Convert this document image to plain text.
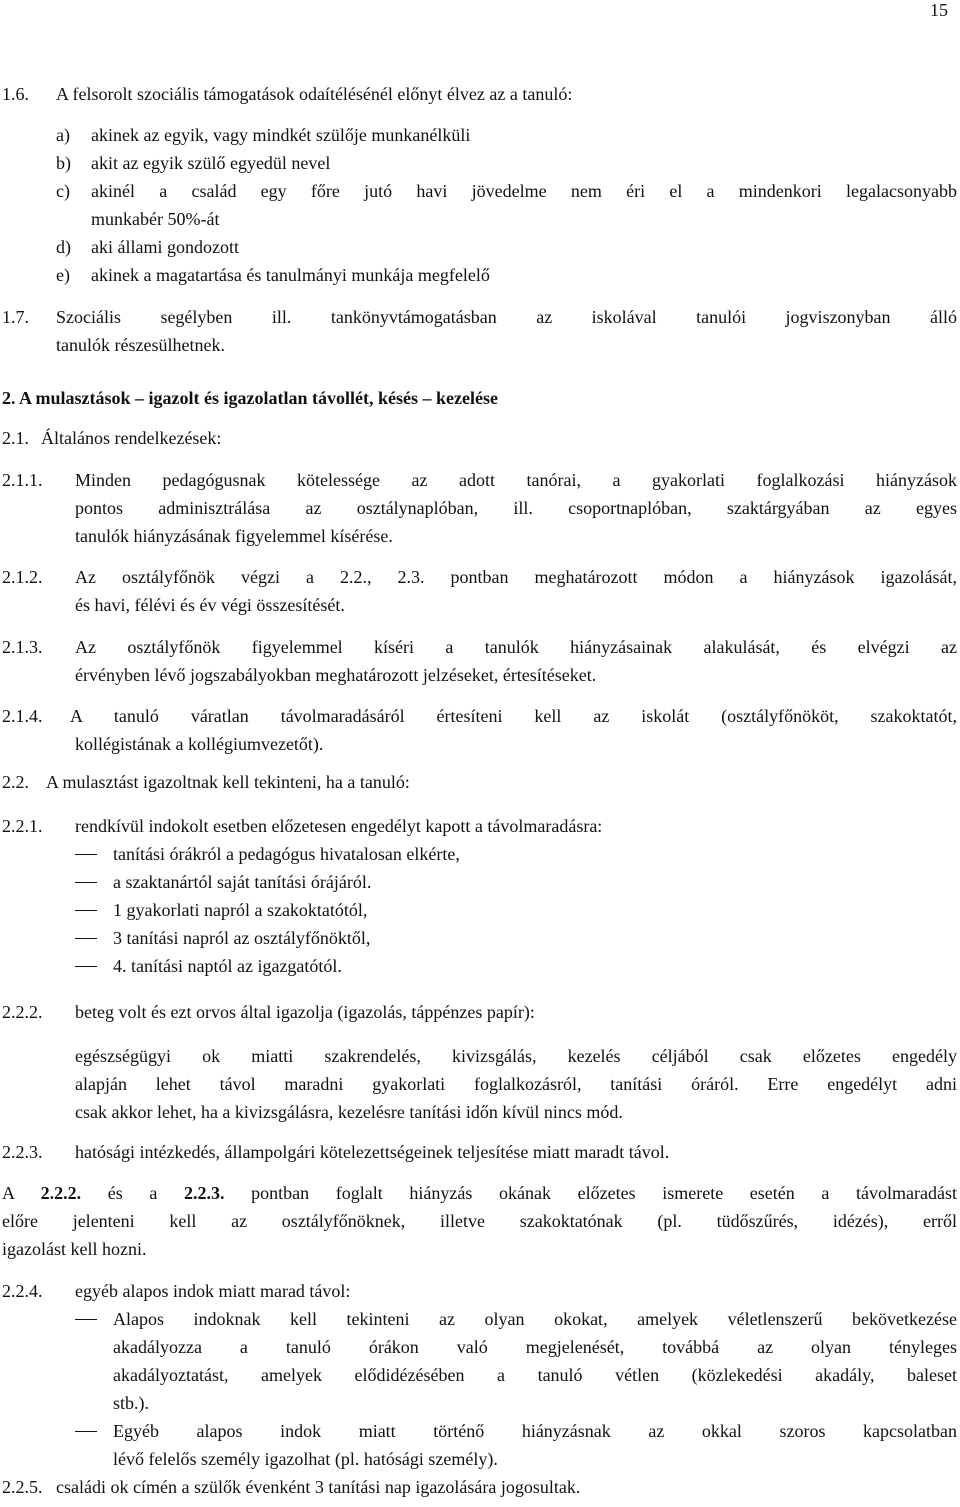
15
1.6. A felsorolt szociális támogatások odaítélésénél előnyt élvez az a tanuló:
a) akinek az egyik, vagy mindkét szülője munkanélküli
b) akit az egyik szülő egyedül nevel
c) akinél a család egy főre jutó havi jövedelme nem éri el a mindenkori legalacsonyabb
munkabér 50%-át
d) aki állami gondozott
e) akinek a magatartása és tanulmányi munkája megfelelő
1.7. Szociális segélyben ill. tankönyvtámogatásban az iskolával tanulói jogviszonyban álló
tanulók részesülhetnek.
2. A mulasztások – igazolt és igazolatlan távollét, késés – kezelése
2.1. Általános rendelkezések:
2.1.1. Minden pedagógusnak kötelessége az adott tanórai, a gyakorlati foglalkozási hiányzások
pontos adminisztrálása az osztálynaplóban, ill. csoportnaplóban, szaktárgyában az egyes
tanulók hiányzásának figyelemmel kísérése.
2.1.2. Az osztályfőnök végzi a 2.2., 2.3. pontban meghatározott módon a hiányzások igazolását,
és havi, félévi és év végi összesítését.
2.1.3. Az osztályfőnök figyelemmel kíséri a tanulók hiányzásainak alakulását, és elvégzi az
érvényben lévő jogszabályokban meghatározott jelzéseket, értesítéseket.
2.1.4. A tanuló váratlan távolmaradásáról értesíteni kell az iskolát (osztályfőnököt, szakoktatót,
kollégistának a kollégiumvezetőt).
2.2. A mulasztást igazoltnak kell tekinteni, ha a tanuló:
2.2.1. rendkívül indokolt esetben előzetesen engedélyt kapott a távolmaradásra:
tanítási órákról a pedagógus hivatalosan elkérte,
a szaktanártól saját tanítási órájáról.
1 gyakorlati napról a szakoktatótól,
3 tanítási napról az osztályfőnöktől,
4. tanítási naptól az igazgatótól.
2.2.2. beteg volt és ezt orvos által igazolja (igazolás, táppénzes papír):
egészségügyi ok miatti szakrendelés, kivizsgálás, kezelés céljából csak előzetes engedély
alapján lehet távol maradni gyakorlati foglalkozásról, tanítási óráról. Erre engedélyt adni
csak akkor lehet, ha a kivizsgálásra, kezelésre tanítási időn kívül nincs mód.
2.2.3. hatósági intézkedés, állampolgári kötelezettségeinek teljesítése miatt maradt távol.
A 2.2.2. és a 2.2.3. pontban foglalt hiányzás okának előzetes ismerete esetén a távolmaradást
előre jelenteni kell az osztályfőnöknek, illetve szakoktatónak (pl. tüdőszűrés, idézés), erről
igazolást kell hozni.
2.2.4. egyéb alapos indok miatt marad távol:
Alapos indoknak kell tekinteni az olyan okokat, amelyek véletlenszerű bekövetkezése
akadályozza a tanuló órákon való megjelenését, továbbá az olyan tényleges
akadályoztatást, amelyek elődidézésében a tanuló vétlen (közlekedési akadály, baleset
stb.).
Egyéb alapos indok miatt történő hiányzásnak az okkal szoros kapcsolatban
lévő felelős személy igazolhat (pl. hatósági személy).
2.2.5. családi ok címén a szülők évenként 3 tanítási nap igazolására jogosultak.
